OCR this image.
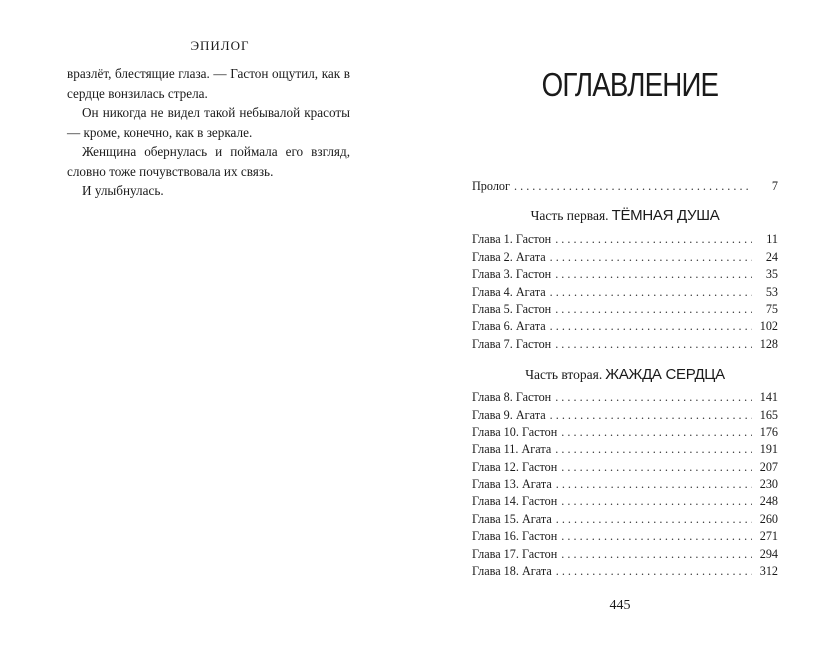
ЭПИЛОГ

вразлёт, блестящие глаза. — Гастон ощутил, как в сердце вонзилась стрела.

Он никогда не видел такой небывалой красоты — кроме, конечно, как в зеркале.

Женщина обернулась и поймала его взгляд, словно тоже почувствовала их связь.

И улыбнулась.

ОГЛАВЛЕНИЕ
Пролог . . .	7
Часть первая. ТЁМНАЯ ДУША
Глава 1. Гастон . . .	11
Глава 2. Агата . . .	24
Глава 3. Гастон . . .	35
Глава 4. Агата . . .	53
Глава 5. Гастон . . .	75
Глава 6. Агата . . .	102
Глава 7. Гастон . . .	128
Часть вторая. ЖАЖДА СЕРДЦА
Глава 8. Гастон . . .	141
Глава 9. Агата . . .	165
Глава 10. Гастон . . .	176
Глава 11. Агата . . .	191
Глава 12. Гастон . . .	207
Глава 13. Агата . . .	230
Глава 14. Гастон . . .	248
Глава 15. Агата . . .	260
Глава 16. Гастон . . .	271
Глава 17. Гастон . . .	294
Глава 18. Агата . . .	312
445
